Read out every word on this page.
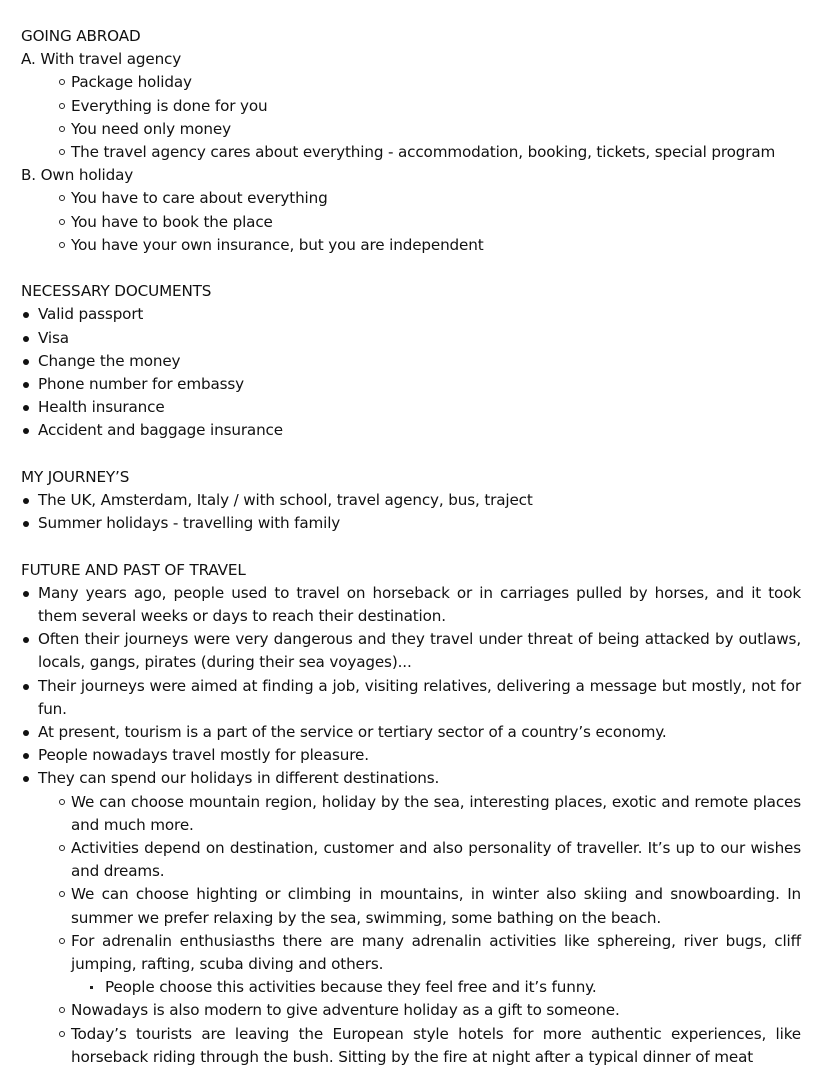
GOING ABROAD
A. With travel agency
Package holiday
Everything is done for you
You need only money
The travel agency cares about everything - accommodation, booking, tickets, special program
B. Own holiday
You have to care about everything
You have to book the place
You have your own insurance, but you are independent
NECESSARY DOCUMENTS
Valid passport
Visa
Change the money
Phone number for embassy
Health insurance
Accident and baggage insurance
MY JOURNEY’S
The UK, Amsterdam, Italy / with school, travel agency, bus, traject
Summer holidays - travelling with family
FUTURE AND PAST OF TRAVEL
Many years ago, people used to travel on horseback or in carriages pulled by horses, and it took them several weeks or days to reach their destination.
Often their journeys were very dangerous and they travel under threat of being attacked by outlaws, locals, gangs, pirates (during their sea voyages)...
Their journeys were aimed at finding a job, visiting relatives, delivering a message but mostly, not for fun.
At present, tourism is a part of the service or tertiary sector of a country’s economy.
People nowadays travel mostly for pleasure.
They can spend our holidays in different destinations.
We can choose mountain region, holiday by the sea, interesting places, exotic and remote places and much more.
Activities depend on destination, customer and also personality of traveller. It’s up to our wishes and dreams.
We can choose highting or climbing in mountains, in winter also skiing and snowboarding. In summer we prefer relaxing by the sea, swimming, some bathing on the beach.
For adrenalin enthusiasths there are many adrenalin activities like sphereing, river bugs, cliff jumping, rafting, scuba diving and others.
People choose this activities because they feel free and it’s funny.
Nowadays is also modern to give adventure holiday as a gift to someone.
Today’s tourists are leaving the European style hotels for more authentic experiences, like horseback riding through the bush. Sitting by the fire at night after a typical dinner of meat
